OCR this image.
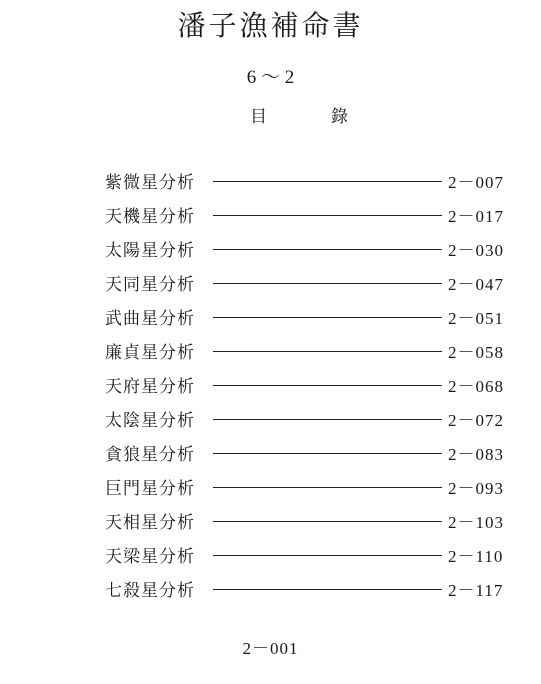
潘子漁補命書
6 ～ 2
目	錄
紫微星分析	2－007
天機星分析	2－017
太陽星分析	2－030
天同星分析	2－047
武曲星分析	2－051
廉貞星分析	2－058
天府星分析	2－068
太陰星分析	2－072
貪狼星分析	2－083
巨門星分析	2－093
天相星分析	2－103
天梁星分析	2－110
七殺星分析	2－117
2－001
